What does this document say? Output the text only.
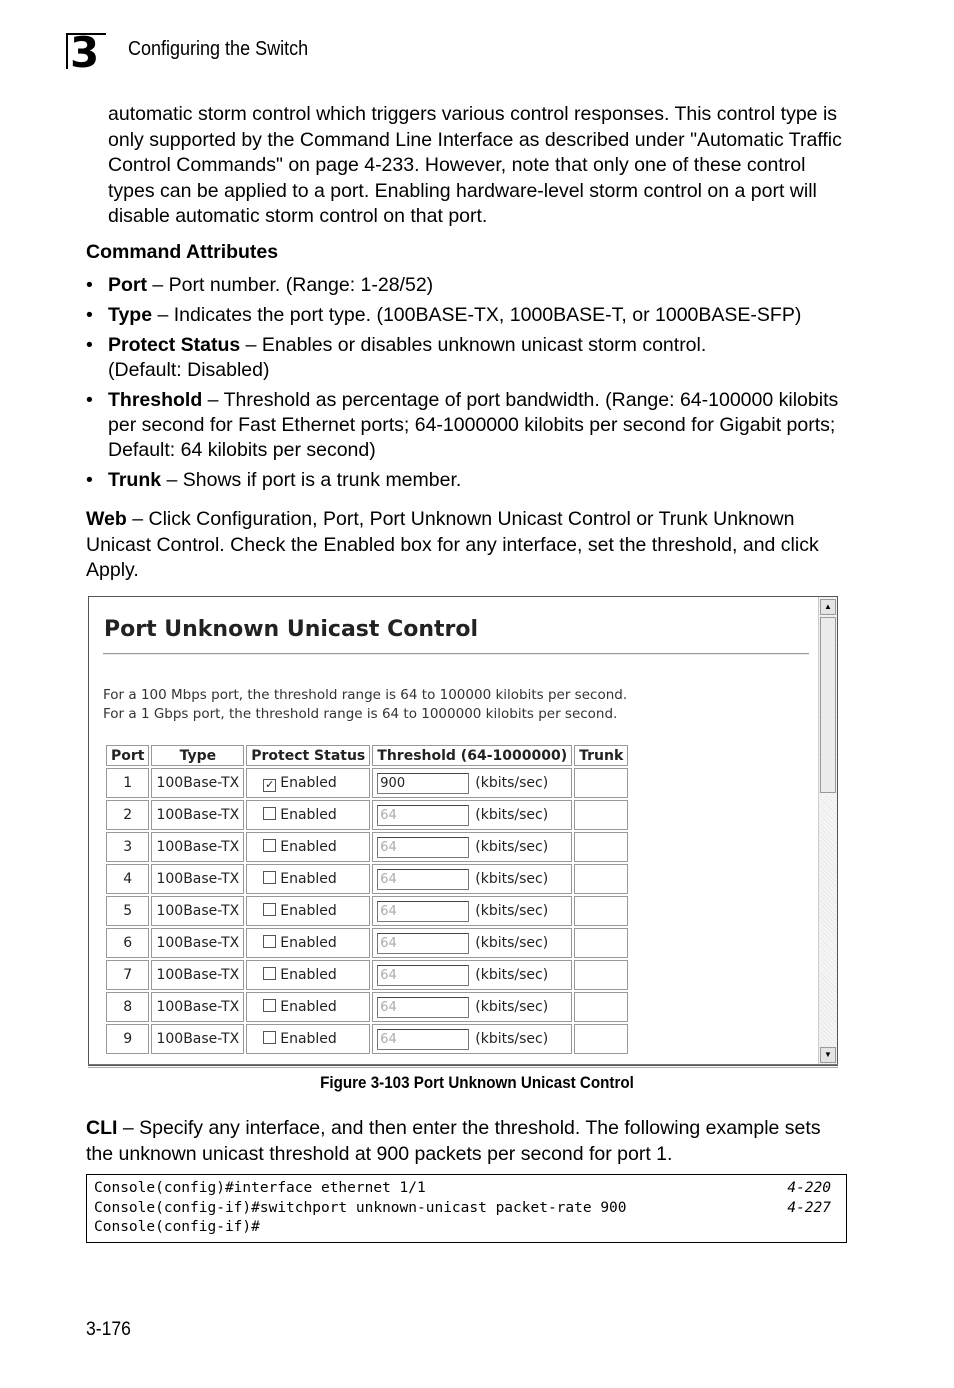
3	Configuring the Switch

automatic storm control which triggers various control responses. This control type is only supported by the Command Line Interface as described under "Automatic Traffic Control Commands" on page 4-233. However, note that only one of these control types can be applied to a port. Enabling hardware-level storm control on a port will disable automatic storm control on that port.

Command Attributes
• Port – Port number. (Range: 1-28/52)
• Type – Indicates the port type. (100BASE-TX, 1000BASE-T, or 1000BASE-SFP)
• Protect Status – Enables or disables unknown unicast storm control. (Default: Disabled)
• Threshold – Threshold as percentage of port bandwidth. (Range: 64-100000 kilobits per second for Fast Ethernet ports; 64-1000000 kilobits per second for Gigabit ports; Default: 64 kilobits per second)
• Trunk – Shows if port is a trunk member.

Web – Click Configuration, Port, Port Unknown Unicast Control or Trunk Unknown Unicast Control. Check the Enabled box for any interface, set the threshold, and click Apply.

Port Unknown Unicast Control
For a 100 Mbps port, the threshold range is 64 to 100000 kilobits per second.
For a 1 Gbps port, the threshold range is 64 to 1000000 kilobits per second.
Port	Type	Protect Status	Threshold (64-1000000)	Trunk
1	100Base-TX	✓ Enabled	900 (kbits/sec)	
2	100Base-TX	Enabled	64 (kbits/sec)	
3	100Base-TX	Enabled	64 (kbits/sec)	
4	100Base-TX	Enabled	64 (kbits/sec)	
5	100Base-TX	Enabled	64 (kbits/sec)	
6	100Base-TX	Enabled	64 (kbits/sec)	
7	100Base-TX	Enabled	64 (kbits/sec)	
8	100Base-TX	Enabled	64 (kbits/sec)	
9	100Base-TX	Enabled	64 (kbits/sec)	
▲
▼
Figure 3-103 Port Unknown Unicast Control

CLI – Specify any interface, and then enter the threshold. The following example sets the unknown unicast threshold at 900 packets per second for port 1.

Console(config)#interface ethernet 1/1	4-220
Console(config-if)#switchport unknown-unicast packet-rate 900	4-227
Console(config-if)#
3-176
